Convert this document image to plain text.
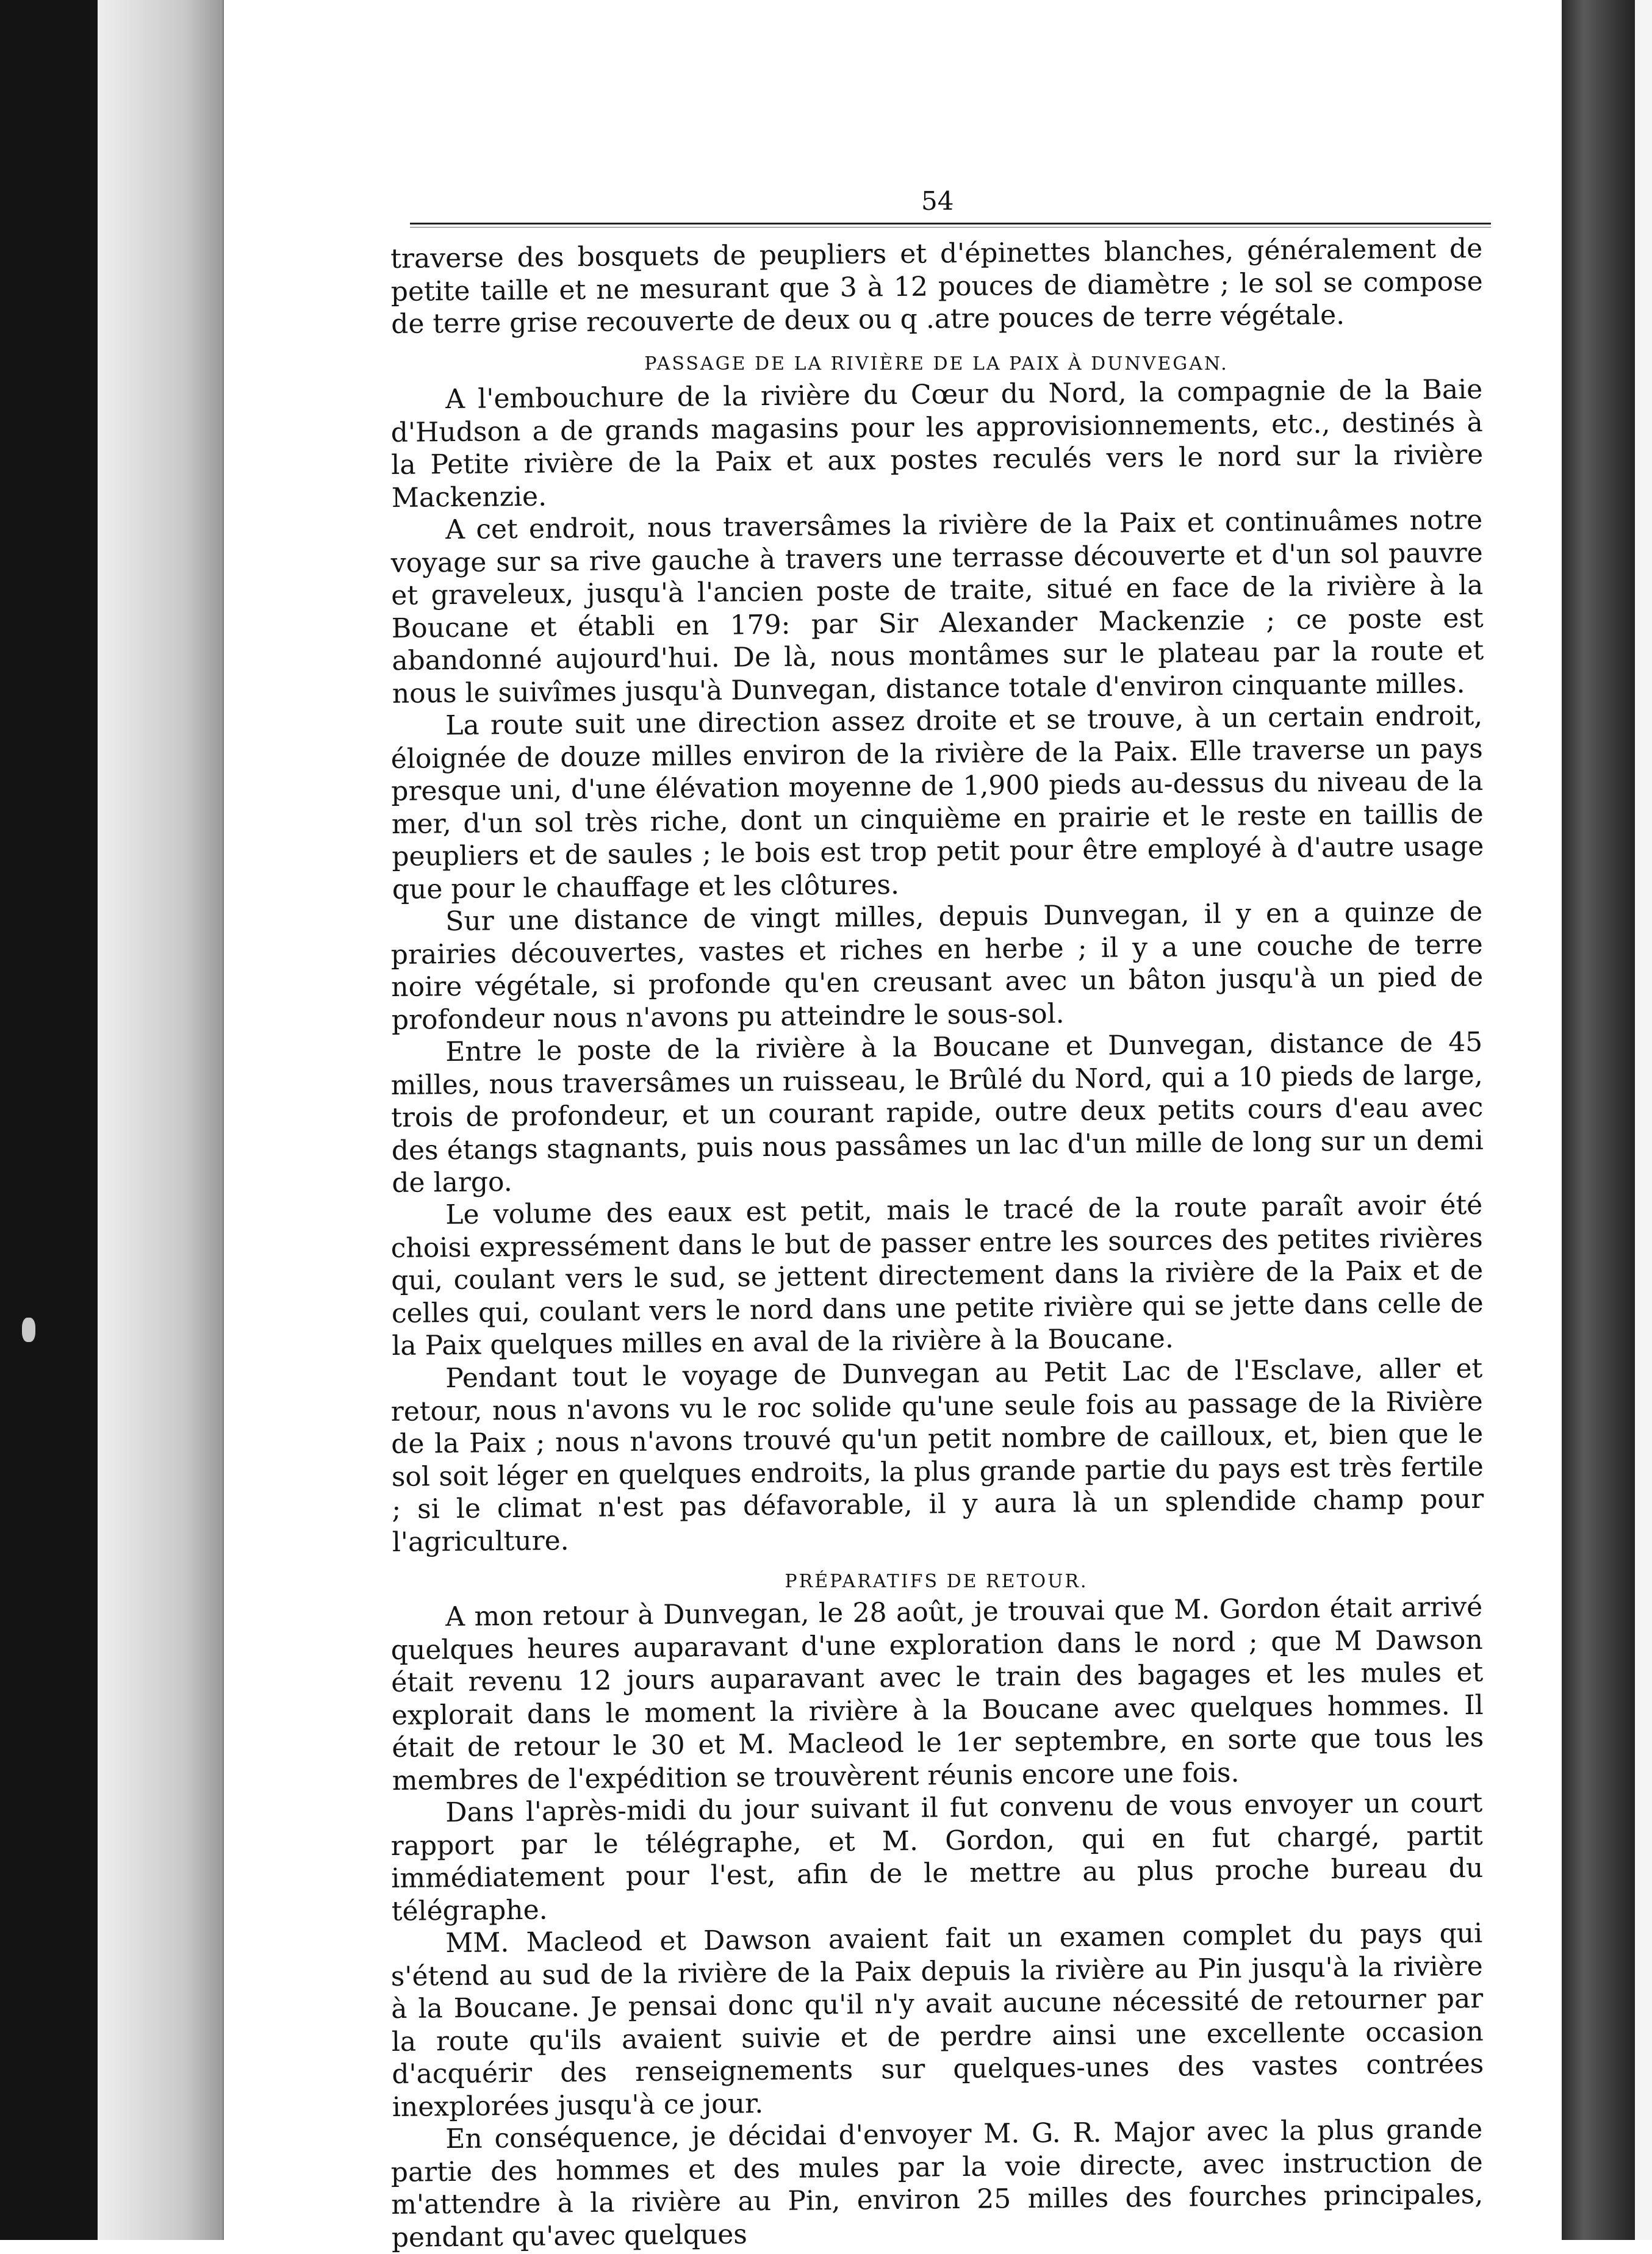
54

traverse des bosquets de peupliers et d'épinettes blanches, généralement de petite taille et ne mesurant que 3 à 12 pouces de diamètre ; le sol se compose de terre grise recouverte de deux ou q .atre pouces de terre végétale.

PASSAGE DE LA RIVIÈRE DE LA PAIX À DUNVEGAN.

A l'embouchure de la rivière du Cœur du Nord, la compagnie de la Baie d'Hudson a de grands magasins pour les approvisionnements, etc., destinés à la Petite rivière de la Paix et aux postes reculés vers le nord sur la rivière Mackenzie.

A cet endroit, nous traversâmes la rivière de la Paix et continuâmes notre voyage sur sa rive gauche à travers une terrasse découverte et d'un sol pauvre et graveleux, jusqu'à l'ancien poste de traite, situé en face de la rivière à la Boucane et établi en 179: par Sir Alexander Mackenzie ; ce poste est abandonné aujourd'hui. De là, nous montâmes sur le plateau par la route et nous le suivîmes jusqu'à Dunvegan, distance totale d'environ cinquante milles.

La route suit une direction assez droite et se trouve, à un certain endroit, éloignée de douze milles environ de la rivière de la Paix. Elle traverse un pays presque uni, d'une élévation moyenne de 1,900 pieds au-dessus du niveau de la mer, d'un sol très riche, dont un cinquième en prairie et le reste en taillis de peupliers et de saules ; le bois est trop petit pour être employé à d'autre usage que pour le chauffage et les clôtures.

Sur une distance de vingt milles, depuis Dunvegan, il y en a quinze de prairies découvertes, vastes et riches en herbe ; il y a une couche de terre noire végétale, si profonde qu'en creusant avec un bâton jusqu'à un pied de profondeur nous n'avons pu atteindre le sous-sol.

Entre le poste de la rivière à la Boucane et Dunvegan, distance de 45 milles, nous traversâmes un ruisseau, le Brûlé du Nord, qui a 10 pieds de large, trois de profondeur, et un courant rapide, outre deux petits cours d'eau avec des étangs stagnants, puis nous passâmes un lac d'un mille de long sur un demi de largo.

Le volume des eaux est petit, mais le tracé de la route paraît avoir été choisi expressément dans le but de passer entre les sources des petites rivières qui, coulant vers le sud, se jettent directement dans la rivière de la Paix et de celles qui, coulant vers le nord dans une petite rivière qui se jette dans celle de la Paix quelques milles en aval de la rivière à la Boucane.

Pendant tout le voyage de Dunvegan au Petit Lac de l'Esclave, aller et retour, nous n'avons vu le roc solide qu'une seule fois au passage de la Rivière de la Paix ; nous n'avons trouvé qu'un petit nombre de cailloux, et, bien que le sol soit léger en quelques endroits, la plus grande partie du pays est très fertile ; si le climat n'est pas défavorable, il y aura là un splendide champ pour l'agriculture.

PRÉPARATIFS DE RETOUR.

A mon retour à Dunvegan, le 28 août, je trouvai que M. Gordon était arrivé quelques heures auparavant d'une exploration dans le nord ; que M Dawson était revenu 12 jours auparavant avec le train des bagages et les mules et explorait dans le moment la rivière à la Boucane avec quelques hommes. Il était de retour le 30 et M. Macleod le 1er septembre, en sorte que tous les membres de l'expédition se trouvèrent réunis encore une fois.

Dans l'après-midi du jour suivant il fut convenu de vous envoyer un court rapport par le télégraphe, et M. Gordon, qui en fut chargé, partit immédiatement pour l'est, afin de le mettre au plus proche bureau du télégraphe.

MM. Macleod et Dawson avaient fait un examen complet du pays qui s'étend au sud de la rivière de la Paix depuis la rivière au Pin jusqu'à la rivière à la Boucane. Je pensai donc qu'il n'y avait aucune nécessité de retourner par la route qu'ils avaient suivie et de perdre ainsi une excellente occasion d'acquérir des renseignements sur quelques-unes des vastes contrées inexplorées jusqu'à ce jour.

En conséquence, je décidai d'envoyer M. G. R. Major avec la plus grande partie des hommes et des mules par la voie directe, avec instruction de m'attendre à la rivière au Pin, environ 25 milles des fourches principales, pendant qu'avec quelques
